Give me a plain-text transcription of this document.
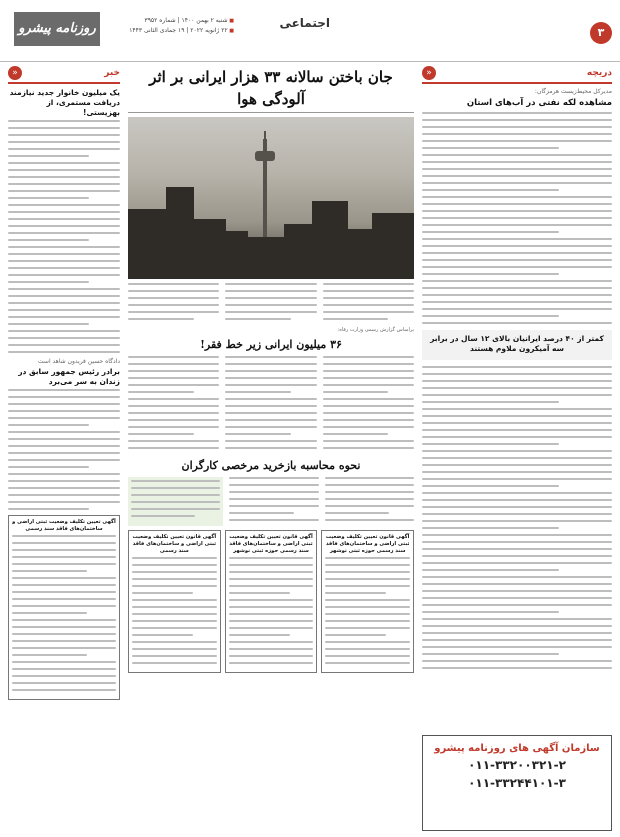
۳
اجتماعی
روزنامه پیشرو
■ شنبه ۲ بهمن ۱۴۰۰ | شماره ۳۹۵۲
■ ۲۲ ژانویه ۲۰۲۲ | ۱۹ جمادی الثانی ۱۴۴۳
دریچه
«
مدیرکل محیط‌زیست هرمزگان:
مشاهده لکه نفتی در آب‌های استان
کمتر از ۴۰ درصد ایرانیان بالای ۱۲ سال در برابر سه آمیکرون ملاوم هستند
سازمان آگهی های روزنامه پیشرو
۰۱۱-۳۳۲۰۰۳۲۱-۲
۰۱۱-۳۳۲۴۴۱۰۱-۳
خبر
«
یک میلیون خانوار جدید نیازمند دریافت مستمری، از بهزیستی!
دادگاه حسین فریدون شاهد است
برادر رئیس جمهور سابق در زندان به سر می‌برد
آگهی تعیین تکلیف وضعیت ثبتی اراضی و ساختمان‌های فاقد سند رسمی
جان باختن سالانه ۳۳ هزار ایرانی بر اثر آلودگی هوا
براساس گزارش رسمی وزارت رفاه:
۳۶ میلیون ایرانی زیر خط فقر!
نحوه محاسبه بازخرید مرخصی کارگران
آگهی قانون تعیین تکلیف وضعیت ثبتی اراضی و ساختمان‌های فاقد سند رسمی حوزه ثبتی نوشهر
آگهی قانون تعیین تکلیف وضعیت ثبتی اراضی و ساختمان‌های فاقد سند رسمی حوزه ثبتی نوشهر
آگهی قانون تعیین تکلیف وضعیت ثبتی اراضی و ساختمان‌های فاقد سند رسمی
